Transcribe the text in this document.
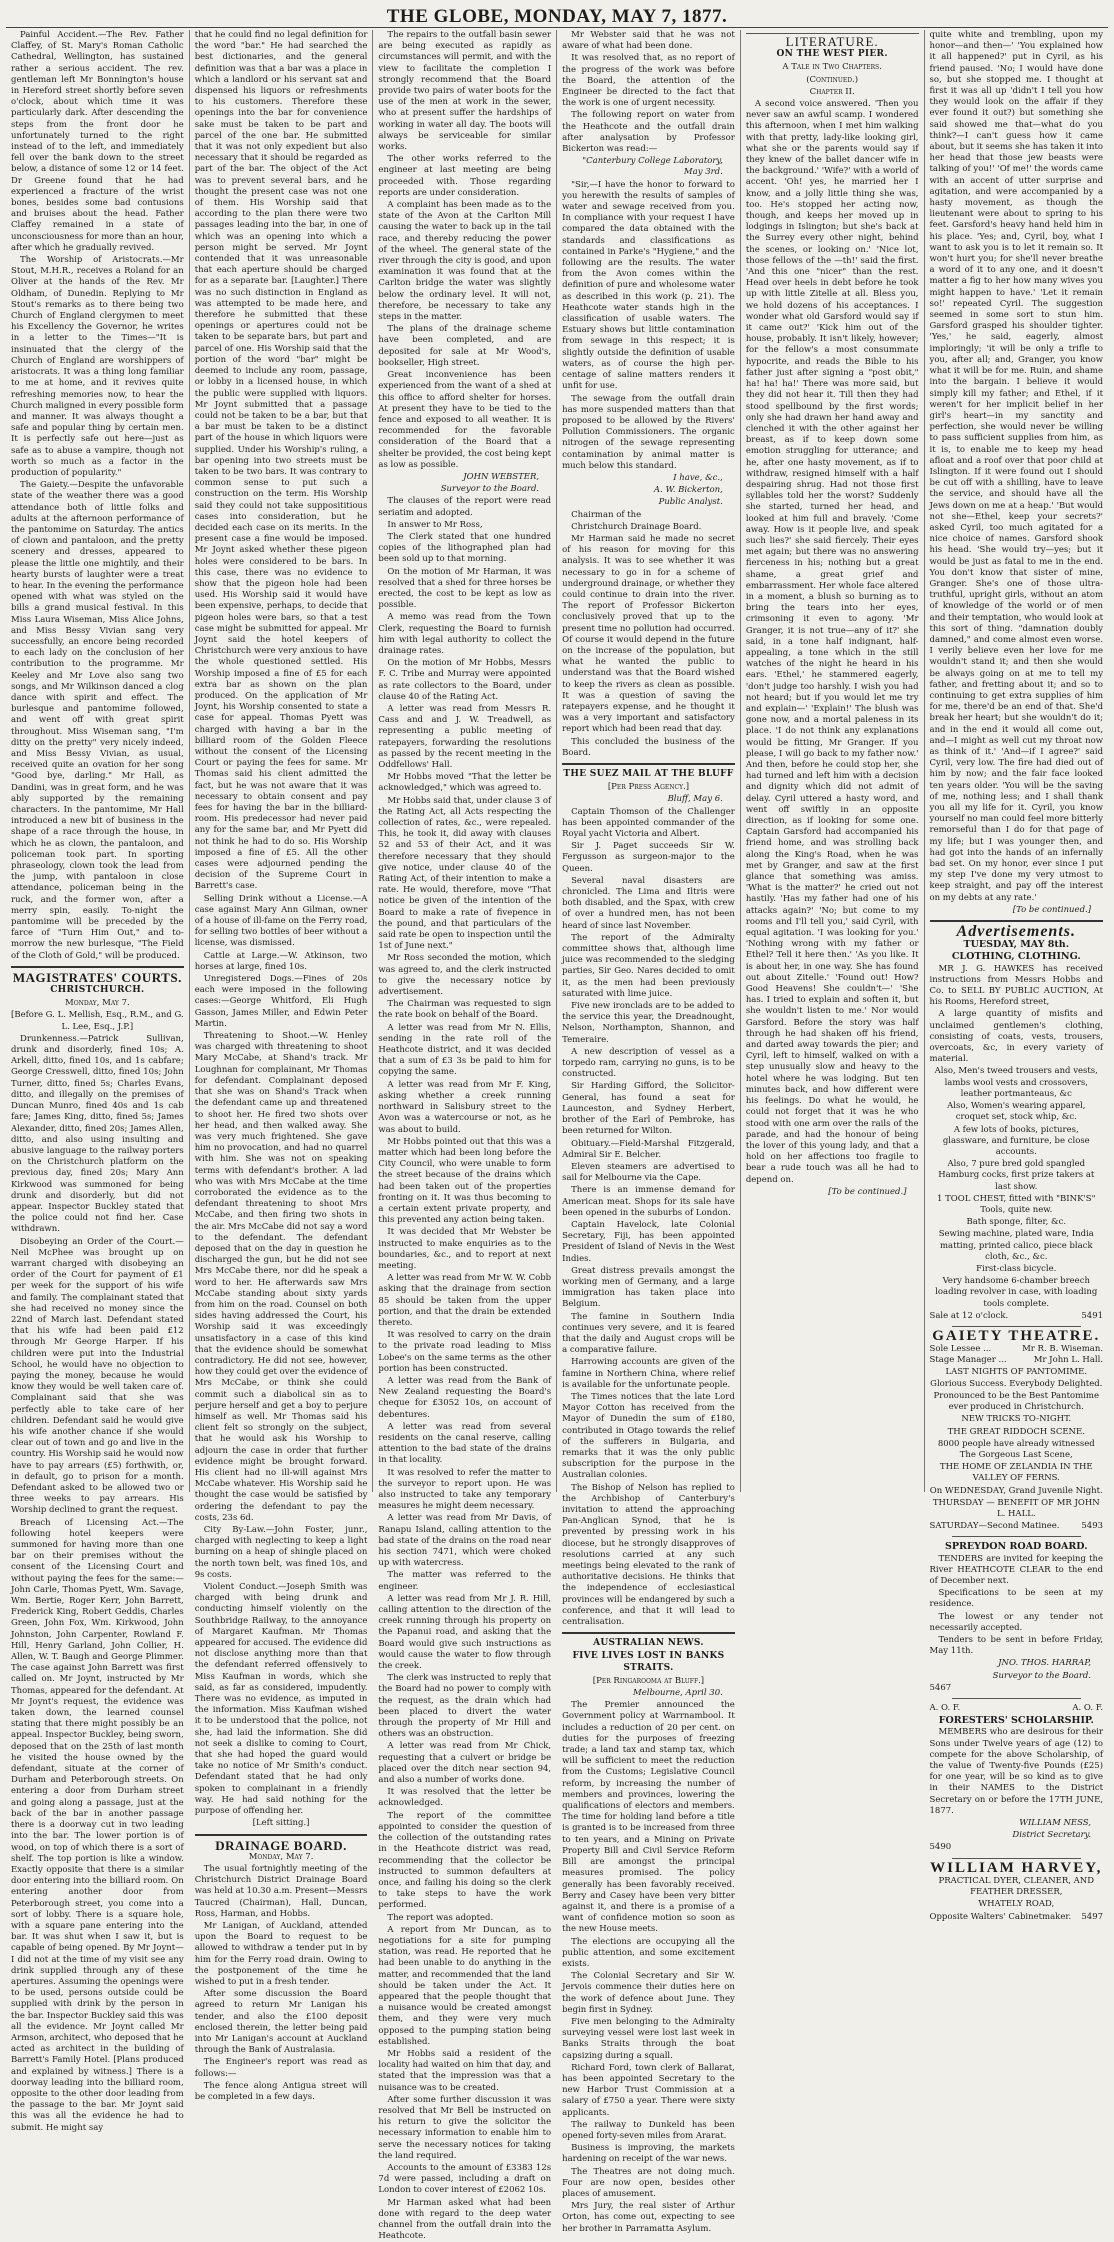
THE GLOBE, MONDAY, MAY 7, 1877.

Painful Accident.—The Rev. Father Claffey, of St. Mary's Roman Catholic Cathedral, Wellington, has sustained rather a serious accident. The rev. gentleman left Mr Bonnington's house in Hereford street shortly before seven o'clock, about which time it was particularly dark. After descending the steps from the front door he unfortunately turned to the right instead of to the left, and immediately fell over the bank down to the street below, a distance of some 12 or 14 feet. Dr Greene found that he had experienced a fracture of the wrist bones, besides some bad contusions and bruises about the head. Father Claffey remained in a state of unconsciousness for more than an hour, after which he gradually revived.

The Worship of Aristocrats.—Mr Stout, M.H.R., receives a Roland for an Oliver at the hands of the Rev. Mr Oldham, of Dunedin. Replying to Mr Stout's remarks as to there being two Church of England clergymen to meet his Excellency the Governor, he writes in a letter to the Times—"It is insinuated that the clergy of the Church of England are worshippers of aristocrats. It was a thing long familiar to me at home, and it revives quite refreshing memories now, to hear the Church maligned in every possible form and manner. It was always thought a safe and popular thing by certain men. It is perfectly safe out here—just as safe as to abuse a vampire, though not worth so much as a factor in the production of popularity."

The Gaiety.—Despite the unfavorable state of the weather there was a good attendance both of little folks and adults at the afternoon performance of the pantomime on Saturday. The antics of clown and pantaloon, and the pretty scenery and dresses, appeared to please the little one mightily, and their hearty bursts of laughter were a treat to hear. In the evening the performance opened with what was styled on the bills a grand musical festival. In this Miss Laura Wiseman, Miss Alice Johns, and Miss Bessy Vivian sang very successfully, an encore being recorded to each lady on the conclusion of her contribution to the programme. Mr Keeley and Mr Love also sang two songs, and Mr Wilkinson danced a clog dance with spirit and effect. The burlesque and pantomime followed, and went off with great spirit throughout. Miss Wiseman sang, "I'm ditty on the pretty" very nicely indeed, and Miss Bessy Vivian, as usual, received quite an ovation for her song "Good bye, darling." Mr Hall, as Dandini, was in great form, and he was ably supported by the remaining characters. In the pantomime, Mr Hall introduced a new bit of business in the shape of a race through the house, in which he as clown, the pantaloon, and policeman took part. In sporting phraseology, clown took the lead from the jump, with pantaloon in close attendance, policeman being in the ruck, and the former won, after a merry spin, easily. To-night the pantomime will be preceded by the farce of "Turn Him Out," and to-morrow the new burlesque, "The Field of the Cloth of Gold," will be produced.

MAGISTRATES' COURTS.
CHRISTCHURCH.
Monday, May 7.

[Before G. L. Mellish, Esq., R.M., and G. L. Lee, Esq., J.P.]

Drunkenness.—Patrick Sullivan, drunk and disorderly, fined 10s; A. Arkell, ditto, fined 10s, and 1s cabfare; George Cresswell, ditto, fined 10s; John Turner, ditto, fined 5s; Charles Evans, ditto, and illegally on the premises of Duncan Munro, fined 40s and 1s cab fare; James King, ditto, fined 5s; James Alexander, ditto, fined 20s; James Allen, ditto, and also using insulting and abusive language to the railway porters on the Christchurch platform on the previous day, fined 20s; Mary Ann Kirkwood was summoned for being drunk and disorderly, but did not appear. Inspector Buckley stated that the police could not find her. Case withdrawn.

Disobeying an Order of the Court.—Neil McPhee was brought up on warrant charged with disobeying an order of the Court for payment of £1 per week for the support of his wife and family. The complainant stated that she had received no money since the 22nd of March last. Defendant stated that his wife had been paid £12 through Mr George Harper. If his children were put into the Industrial School, he would have no objection to paying the money, because he would know they would be well taken care of. Complainant said that she was perfectly able to take care of her children. Defendant said he would give his wife another chance if she would clear out of town and go and live in the country. His Worship said he would now have to pay arrears (£5) forthwith, or, in default, go to prison for a month. Defendant asked to be allowed two or three weeks to pay arrears. His Worship declined to grant the request.

Breach of Licensing Act.—The following hotel keepers were summoned for having more than one bar on their premises without the consent of the Licensing Court and without paying the fees for the same:—John Carle, Thomas Pyett, Wm. Savage, Wm. Bertie, Roger Kerr, John Barrett, Frederick King, Robert Geddis, Charles Green, John Fox, Wm. Kirkwood, John Johnston, John Carpenter, Rowland F. Hill, Henry Garland, John Collier, H. Allen, W. T. Baugh and George Plimmer. The case against John Barrett was first called on. Mr Joynt, instructed by Mr Thomas, appeared for the defendant. At Mr Joynt's request, the evidence was taken down, the learned counsel stating that there might possibly be an appeal. Inspector Buckley, being sworn, deposed that on the 25th of last month he visited the house owned by the defendant, situate at the corner of Durham and Peterborough streets. On entering a door from Durham street and going along a passage, just at the back of the bar in another passage there is a doorway cut in two leading into the bar. The lower portion is of wood, on top of which there is a sort of shelf. The top portion is like a window. Exactly opposite that there is a similar door entering into the billiard room. On entering another door from Peterborough street, you come into a sort of lobby. There is a square hole, with a square pane entering into the bar. It was shut when I saw it, but is capable of being opened. By Mr Joynt—I did not at the time of my visit see any drink supplied through any of these apertures. Assuming the openings were to be used, persons outside could be supplied with drink by the person in the bar. Inspector Buckley said this was all the evidence. Mr Joynt called Mr Armson, architect, who deposed that he acted as architect in the building of Barrett's Family Hotel. [Plans produced and explained by witness.] There is a doorway leading into the billiard room, opposite to the other door leading from the passage to the bar. Mr Joynt said this was all the evidence he had to submit. He might say

that he could find no legal definition for the word "bar." He had searched the best dictionaries, and the general definition was that a bar was a place in which a landlord or his servant sat and dispensed his liquors or refreshments to his customers. Therefore these openings into the bar for convenience sake must be taken to be part and parcel of the one bar. He submitted that it was not only expedient but also necessary that it should be regarded as part of the bar. The object of the Act was to prevent several bars, and he thought the present case was not one of them. His Worship said that according to the plan there were two passages leading into the bar, in one of which was an opening into which a person might be served. Mr Joynt contended that it was unreasonable that each aperture should be charged for as a separate bar. [Laughter.] There was no such distinction in England as was attempted to be made here, and therefore he submitted that these openings or apertures could not be taken to be separate bars, but part and parcel of one. His Worship said that the portion of the word "bar" might be deemed to include any room, passage, or lobby in a licensed house, in which the public were supplied with liquors. Mr Joynt submitted that a passage could not be taken to be a bar, but that a bar must be taken to be a distinct part of the house in which liquors were supplied. Under his Worship's ruling, a bar opening into two streets must be taken to be two bars. It was contrary to common sense to put such a construction on the term. His Worship said they could not take supposititious cases into consideration, but he decided each case on its merits. In the present case a fine would be imposed. Mr Joynt asked whether these pigeon holes were considered to be bars. In this case, there was no evidence to show that the pigeon hole had been used. His Worship said it would have been expensive, perhaps, to decide that pigeon holes were bars, so that a test case might be submitted for appeal. Mr Joynt said the hotel keepers of Christchurch were very anxious to have the whole questioned settled. His Worship imposed a fine of £5 for each extra bar as shown on the plan produced. On the application of Mr Joynt, his Worship consented to state a case for appeal. Thomas Pyett was charged with having a bar in the billiard room of the Golden Fleece without the consent of the Licensing Court or paying the fees for same. Mr Thomas said his client admitted the fact, but he was not aware that it was necessary to obtain consent and pay fees for having the bar in the billiard-room. His predecessor had never paid any for the same bar, and Mr Pyett did not think he had to do so. His Worship imposed a fine of £5. All the other cases were adjourned pending the decision of the Supreme Court in Barrett's case.

Selling Drink without a License.—A case against Mary Ann Gilman, owner of a house of ill-fame on the Ferry road, for selling two bottles of beer without a license, was dismissed.

Cattle at Large.—W. Atkinson, two horses at large, fined 10s.

Unregistered Dogs.—Fines of 20s each were imposed in the following cases:—George Whitford, Eli Hugh Gasson, James Miller, and Edwin Peter Martin.

Threatening to Shoot.—W. Henley was charged with threatening to shoot Mary McCabe, at Shand's track. Mr Loughnan for complainant, Mr Thomas for defendant. Complainant deposed that she was on Shand's Track when the defendant came up and threatened to shoot her. He fired two shots over her head, and then walked away. She was very much frightened. She gave him no provocation, and had no quarrel with him. She was not on speaking terms with defendant's brother. A lad who was with Mrs McCabe at the time corroborated the evidence as to the defendant threatening to shoot Mrs McCabe, and then firing two shots in the air. Mrs McCabe did not say a word to the defendant. The defendant deposed that on the day in question he discharged the gun, but he did not see Mrs McCabe there, nor did he speak a word to her. He afterwards saw Mrs McCabe standing about sixty yards from him on the road. Counsel on both sides having addressed the Court, his Worship said it was exceedingly unsatisfactory in a case of this kind that the evidence should be somewhat contradictory. He did not see, however, how they could get over the evidence of Mrs McCabe, or think she could commit such a diabolical sin as to perjure herself and get a boy to perjure himself as well. Mr Thomas said his client felt so strongly on the subject, that he would ask his Worship to adjourn the case in order that further evidence might be brought forward. His client had no ill-will against Mrs McCabe whatever. His Worship said he thought the case would be satisfied by ordering the defendant to pay the costs, 23s 6d.

City By-Law.—John Foster, junr., charged with neglecting to keep a light burning on a heap of shingle placed on the north town belt, was fined 10s, and 9s costs.

Violent Conduct.—Joseph Smith was charged with being drunk and conducting himself violently on the Southbridge Railway, to the annoyance of Margaret Kaufman. Mr Thomas appeared for accused. The evidence did not disclose anything more than that the defendant referred offensively to Miss Kaufman in words, which she said, as far as considered, impudently. There was no evidence, as imputed in the information. Miss Kaufman wished it to be understood that the police, not she, had laid the information. She did not seek a dislike to coming to Court, that she had hoped the guard would take no notice of Mr Smith's conduct. Defendant stated that he had only spoken to complainant in a friendly way. He had said nothing for the purpose of offending her.

[Left sitting.]

DRAINAGE BOARD.
Monday, May 7.

The usual fortnightly meeting of the Christchurch District Drainage Board was held at 10.30 a.m. Present—Messrs Taucred (Chairman), Hall, Duncan, Ross, Harman, and Hobbs.

Mr Lanigan, of Auckland, attended upon the Board to request to be allowed to withdraw a tender put in by him for the Ferry road drain. Owing to the postponement of the time he wished to put in a fresh tender.

After some discussion the Board agreed to return Mr Lanigan his tender, and also the £100 deposit enclosed therein, the letter being paid into Mr Lanigan's account at Auckland through the Bank of Australasia.

The Engineer's report was read as follows:—

The fence along Antigua street will be completed in a few days.

The repairs to the outfall basin sewer are being executed as rapidly as circumstances will permit, and with the view to facilitate the completion I strongly recommend that the Board provide two pairs of water boots for the use of the men at work in the sewer, who at present suffer the hardships of working in water all day. The boots will always be serviceable for similar works.

The other works referred to the engineer at last meeting are being proceeded with. Those regarding reports are under consideration.

A complaint has been made as to the state of the Avon at the Carlton Mill causing the water to back up in the tail race, and thereby reducing the power of the wheel. The general state of the river through the city is good, and upon examination it was found that at the Carlton bridge the water was slightly below the ordinary level. It will not, therefore, be necessary to take any steps in the matter.

The plans of the drainage scheme have been completed, and are deposited for sale at Mr Wood's, bookseller, High street.

Great inconvenience has been experienced from the want of a shed at this office to afford shelter for horses. At present they have to be tied to the fence and exposed to all weather. It is recommended for the favorable consideration of the Board that a shelter be provided, the cost being kept as low as possible.

JOHN WEBSTER,

Surveyor to the Board.

The clauses of the report were read seriatim and adopted.

In answer to Mr Ross,

The Clerk stated that one hundred copies of the lithographed plan had been sold up to that morning.

On the motion of Mr Harman, it was resolved that a shed for three horses be erected, the cost to be kept as low as possible.

A memo was read from the Town Clerk, requesting the Board to furnish him with legal authority to collect the drainage rates.

On the motion of Mr Hobbs, Messrs F. C. Tribe and Murray were appointed as rate collectors to the Board, under clause 40 of the Rating Act.

A letter was read from Messrs R. Cass and and J. W. Treadwell, as representing a public meeting of ratepayers, forwarding the resolutions as passed by the recent meeting in the Oddfellows' Hall.

Mr Hobbs moved "That the letter be acknowledged," which was agreed to.

Mr Hobbs said that, under clause 3 of the Rating Act, all Acts respecting the collection of rates, &c., were repealed. This, he took it, did away with clauses 52 and 53 of their Act, and it was therefore necessary that they should give notice, under clause 40 of the Rating Act, of their intention to make a rate. He would, therefore, move "That notice be given of the intention of the Board to make a rate of fivepence in the pound, and that particulars of the said rate be open to inspection until the 1st of June next."

Mr Ross seconded the motion, which was agreed to, and the clerk instructed to give the necessary notice by advertisement.

The Chairman was requested to sign the rate book on behalf of the Board.

A letter was read from Mr N. Ellis, sending in the rate roll of the Heathcote district, and it was decided that a sum of £3 3s be paid to him for copying the same.

A letter was read from Mr F. King, asking whether a creek running northward in Salisbury street to the Avon was a watercourse or not, as he was about to build.

Mr Hobbs pointed out that this was a matter which had been long before the City Council, who were unable to form the street because of the drains which had been taken out of the properties fronting on it. It was thus becoming to a certain extent private property, and this prevented any action being taken.

It was decided that Mr Webster be instructed to make enquiries as to the boundaries, &c., and to report at next meeting.

A letter was read from Mr W. W. Cobb asking that the drainage from section 85 should be taken from the upper portion, and that the drain be extended thereto.

It was resolved to carry on the drain to the private road leading to Miss Lobee's on the same terms as the other portion has been constructed.

A letter was read from the Bank of New Zealand requesting the Board's cheque for £3052 10s, on account of debentures.

A letter was read from several residents on the canal reserve, calling attention to the bad state of the drains in that locality.

It was resolved to refer the matter to the surveyor to report upon. He was also instructed to take any temporary measures he might deem necessary.

A letter was read from Mr Davis, of Ranapu Island, calling attention to the bad state of the drains on the road near his section 7471, which were choked up with watercress.

The matter was referred to the engineer.

A letter was read from Mr J. R. Hill, calling attention to the direction of the creek running through his property on the Papanui road, and asking that the Board would give such instructions as would cause the water to flow through the creek.

The clerk was instructed to reply that the Board had no power to comply with the request, as the drain which had been placed to divert the water through the property of Mr Hill and others was an obstruction.

A letter was read from Mr Chick, requesting that a culvert or bridge be placed over the ditch near section 94, and also a number of works done.

It was resolved that the letter be acknowledged.

The report of the committee appointed to consider the question of the collection of the outstanding rates in the Heathcote district was read, recommending that the collector be instructed to summon defaulters at once, and failing his doing so the clerk to take steps to have the work performed.

The report was adopted.

A report from Mr Duncan, as to negotiations for a site for pumping station, was read. He reported that he had been unable to do anything in the matter, and recommended that the land should be taken under the Act. It appeared that the people thought that a nuisance would be created amongst them, and they were very much opposed to the pumping station being established.

Mr Hobbs said a resident of the locality had waited on him that day, and stated that the impression was that a nuisance was to be created.

After some further discussion it was resolved that Mr Bell be instructed on his return to give the solicitor the necessary information to enable him to serve the necessary notices for taking the land required.

Accounts to the amount of £3383 12s 7d were passed, including a draft on London to cover interest of £2062 10s.

Mr Harman asked what had been done with regard to the deep water channel from the outfall drain into the Heathcote.

Mr Webster said that he was not aware of what had been done.

It was resolved that, as no report of the progress of the work was before the Board, the attention of the Engineer be directed to the fact that the work is one of urgent necessity.

The following report on water from the Heathcote and the outfall drain after analysation by Professor Bickerton was read:—

"Canterbury College Laboratory, May 3rd.

"Sir,—I have the honor to forward to you herewith the results of samples of water and sewage received from you. In compliance with your request I have compared the data obtained with the standards and classifications as contained in Parke's "Hygiene," and the following are the results. The water from the Avon comes within the definition of pure and wholesome water as described in this work (p. 21). The Heathcote water stands high in the classification of usable waters. The Estuary shows but little contamination from sewage in this respect; it is slightly outside the definition of usable waters, as of course the high per-centage of saline matters renders it unfit for use.

The sewage from the outfall drain has more suspended matters than that proposed to be allowed by the Rivers' Pollution Commissioners. The organic nitrogen of the sewage representing contamination by animal matter is much below this standard.

I have, &c.,

A. W. Bickerton,

Public Analyst.

Chairman of the

Christchurch Drainage Board.

Mr Harman said he made no secret of his reason for moving for this analysis. It was to see whether it was necessary to go in for a scheme of underground drainage, or whether they could continue to drain into the river. The report of Professor Bickerton conclusively proved that up to the present time no pollution had occurred. Of course it would depend in the future on the increase of the population, but what he wanted the public to understand was that the Board wished to keep the rivers as clean as possible. It was a question of saving the ratepayers expense, and he thought it was a very important and satisfactory report which had been read that day.

This concluded the business of the Board.

THE SUEZ MAIL AT THE BLUFF
[Per Press Agency.]

Bluff, May 6.

Captain Thomson of the Challenger has been appointed commander of the Royal yacht Victoria and Albert.

Sir J. Paget succeeds Sir W. Fergusson as surgeon-major to the Queen.

Several naval disasters are chronicled. The Lima and Iltris were both disabled, and the Spax, with crew of over a hundred men, has not been heard of since last November.

The report of the Admiralty committee shows that, although lime juice was recommended to the sledging parties, Sir Geo. Nares decided to omit it, as the men had been previously saturated with lime juice.

Five new ironclads are to be added to the service this year, the Dreadnought, Nelson, Northampton, Shannon, and Temeraire.

A new description of vessel as a torpedo ram, carrying no guns, is to be constructed.

Sir Harding Gifford, the Solicitor-General, has found a seat for Launceston, and Sydney Herbert, brother of the Earl of Pembroke, has been returned for Wilton.

Obituary.—Field-Marshal Fitzgerald, Admiral Sir E. Belcher.

Eleven steamers are advertised to sail for Melbourne via the Cape.

There is an immense demand for American meat. Shops for its sale have been opened in the suburbs of London.

Captain Havelock, late Colonial Secretary, Fiji, has been appointed President of Island of Nevis in the West Indies.

Great distress prevails amongst the working men of Germany, and a large immigration has taken place into Belgium.

The famine in Southern India continues very severe, and it is feared that the daily and August crops will be a comparative failure.

Harrowing accounts are given of the famine in Northern China, where relief is available for the unfortunate people.

The Times notices that the late Lord Mayor Cotton has received from the Mayor of Dunedin the sum of £180, contributed in Otago towards the relief of the sufferers in Bulgaria, and remarks that it was the only public subscription for the purpose in the Australian colonies.

The Bishop of Nelson has replied to the Archbishop of Canterbury's invitation to attend the approaching Pan-Anglican Synod, that he is prevented by pressing work in his diocese, but he strongly disapproves of resolutions carried at any such meetings being elevated to the rank of authoritative decisions. He thinks that the independence of ecclesiastical provinces will be endangered by such a conference, and that it will lead to centralisation.

AUSTRALIAN NEWS.
FIVE LIVES LOST IN BANKS STRAITS.
[Per Ringarooma at Bluff.]

Melbourne, April 30.

The Premier announced the Government policy at Warrnambool. It includes a reduction of 20 per cent. on duties for the purposes of freezing trade; a land tax and stamp tax, which will be sufficient to meet the reduction from the Customs; Legislative Council reform, by increasing the number of members and provinces, lowering the qualifications of electors and members. The time for holding land before a title is granted is to be increased from three to ten years, and a Mining on Private Property Bill and Civil Service Reform Bill are amongst the principal measures promised. The policy generally has been favorably received. Berry and Casey have been very bitter against it, and there is a promise of a want of confidence motion so soon as the new House meets.

The elections are occupying all the public attention, and some excitement exists.

The Colonial Secretary and Sir W. Jervois commence their duties here on the work of defence about June. They begin first in Sydney.

Five men belonging to the Admiralty surveying vessel were lost last week in Banks Straits through the boat capsizing during a squall.

Richard Ford, town clerk of Ballarat, has been appointed Secretary to the new Harbor Trust Commission at a salary of £750 a year. There were sixty applicants.

The railway to Dunkeld has been opened forty-seven miles from Ararat.

Business is improving, the markets hardening on receipt of the war news.

The Theatres are not doing much. Four are now open, besides other places of amusement.

Mrs Jury, the real sister of Arthur Orton, has come out, expecting to see her brother in Parramatta Asylum.

LITERATURE.
ON THE WEST PIER.
A Tale in Two Chapters.
(Continued.)
Chapter II.

A second voice answered. 'Then you never saw an awful scamp. I wondered this afternoon, when I met him walking with that pretty, lady-like looking girl, what she or the parents would say if they knew of the ballet dancer wife in the background.' 'Wife?' with a world of accent. 'Oh! yes, he married her I know, and a jolly little thing she was, too. He's stopped her acting now, though, and keeps her moved up in lodgings in Islington; but she's back at the Surrey every other night, behind the scenes, or looking on.' 'Nice lot, those fellows of the —th!' said the first. 'And this one "nicer" than the rest. Head over heels in debt before he took up with little Zitelle at all. Bless you, we hold dozens of his acceptances. I wonder what old Garsford would say if it came out?' 'Kick him out of the house, probably. It isn't likely, however; for the fellow's a most consummate hypocrite, and reads the Bible to his father just after signing a "post obit," ha! ha! ha!' There was more said, but they did not hear it. Till then they had stood spellbound by the first words; only she had drawn her hand away and clenched it with the other against her breast, as if to keep down some emotion struggling for utterance; and he, after one hasty movement, as if to withdraw, resigned himself with a half despairing shrug. Had not those first syllables told her the worst? Suddenly she started, turned her head, and looked at him full and bravely. 'Come away. How is it people live, and speak such lies?' she said fiercely. Their eyes met again; but there was no answering fierceness in his; nothing but a great shame, a great grief and embarrassment. Her whole face altered in a moment, a blush so burning as to bring the tears into her eyes, crimsoning it even to agony. 'Mr Granger, it is not true—any of it?' she said, in a tone half indignant, half-appealing, a tone which in the still watches of the night he heard in his ears. 'Ethel,' he stammered eagerly, 'don't judge too harshly. I wish you had not heard; but if you would let me try and explain—' 'Explain!' The blush was gone now, and a mortal paleness in its place. 'I do not think any explanations would be fitting, Mr Granger. If you please, I will go back to my father now.' And then, before he could stop her, she had turned and left him with a decision and dignity which did not admit of delay. Cyril uttered a hasty word, and went off swiftly in an opposite direction, as if looking for some one. Captain Garsford had accompanied his friend home, and was strolling back along the King's Road, when he was met by Granger, and saw at the first glance that something was amiss. 'What is the matter?' he cried out not hastily. 'Has my father had one of his attacks again?' 'No; but come to my rooms and I'll tell you,' said Cyril, with equal agitation. 'I was looking for you.' 'Nothing wrong with my father or Ethel? Tell it here then.' 'As you like. It is about her, in one way. She has found out about Zitelle.' 'Found out! How? Good Heavens! She couldn't—' 'She has. I tried to explain and soften it, but she wouldn't listen to me.' Nor would Garsford. Before the story was half through he had shaken off his friend, and darted away towards the pier; and Cyril, left to himself, walked on with a step unusually slow and heavy to the hotel where he was lodging. But ten minutes back, and how different were his feelings. Do what he would, he could not forget that it was he who stood with one arm over the rails of the parade, and had the honour of being the lover of this young lady, and that a hold on her affections too fragile to bear a rude touch was all he had to depend on.

[To be continued.]

quite white and trembling, upon my honor—and then—' 'You explained how it all happened?' put in Cyril, as his friend paused. 'No; I would have done so, but she stopped me. I thought at first it was all up 'didn't I tell you how they would look on the affair if they ever found it out?) but something she said showed me that—what do you think?—I can't guess how it came about, but it seems she has taken it into her head that those jew beasts were talking of you!' 'Of me!' the words came with an accent of utter surprise and agitation, and were accompanied by a hasty movement, as though the lieutenant were about to spring to his feet. Garsford's heavy hand held him in his place. 'Yes; and, Cyril, boy, what I want to ask you is to let it remain so. It won't hurt you; for she'll never breathe a word of it to any one, and it doesn't matter a fig to her how many wives you might happen to have.' 'Let it remain so!' repeated Cyril. The suggestion seemed in some sort to stun him. Garsford grasped his shoulder tighter. 'Yes,' he said, eagerly, almost imploringly; 'it will be only a trifle to you, after all; and, Granger, you know what it will be for me. Ruin, and shame into the bargain. I believe it would simply kill my father; and Ethel, if it weren't for her implicit belief in her girl's heart—in my sanctity and perfection, she would never be willing to pass sufficient supplies from him, as it is, to enable me to keep my head afloat and a roof over that poor child at Islington. If it were found out I should be cut off with a shilling, have to leave the service, and should have all the Jews down on me at a heap.' 'But would not she—Ethel, keep your secrets?' asked Cyril, too much agitated for a nice choice of names. Garsford shook his head. 'She would try—yes; but it would be just as fatal to me in the end. You don't know that sister of mine, Granger. She's one of those ultra-truthful, upright girls, without an atom of knowledge of the world or of men and their temptation, who would look at this sort of thing. "damnation doubly damned," and come almost even worse. I verily believe even her love for me wouldn't stand it; and then she would be always going on at me to tell my father, and fretting about it; and so to continuing to get extra supplies of him for me, there'd be an end of that. She'd break her heart; but she wouldn't do it; and in the end it would all come out, and—I might as well cut my throat now as think of it.' 'And—if I agree?' said Cyril, very low. The fire had died out of him by now; and the fair face looked ten years older. 'You will be the saving of me, nothing less; and I shall thank you all my life for it. Cyril, you know yourself no man could feel more bitterly remorseful than I do for that page of my life; but I was younger then, and had got into the hands of an infernally bad set. On my honor, ever since I put my step I've done my very utmost to keep straight, and pay off the interest on my debts at any rate.'

[To be continued.]

Advertisements.
TUESDAY, MAY 8th.
CLOTHING, CLOTHING.

MR J. G. HAWKES has received instructions from Messrs Hobbs and Co. to SELL BY PUBLIC AUCTION, At his Rooms, Hereford street,

A large quantity of misfits and unclaimed gentlemen's clothing, consisting of coats, vests, trousers, overcoats, &c, in every variety of material.

Also, Men's tweed trousers and vests, lambs wool vests and crossovers, leather portmanteaus, &c

Also, Women's wearing apparel, croquet set, stock whip, &c.

A few lots of books, pictures, glassware, and furniture, be close accounts.

Also, 7 pure bred gold spangled Hamburg cocks, first prize takers at last show.

1 TOOL CHEST, fitted with "BINK'S" Tools, quite new.

Bath sponge, filter, &c.

Sewing machine, plated ware, India matting, printed calico, piece black cloth, &c., &c.

First-class bicycle.

Very handsome 6-chamber breech loading revolver in case, with loading tools complete.

Sale at 12 o'clock.	5491
GAIETY THEATRE.
Sole Lessee ...	Mr R. B. Wiseman.
Stage Manager ...	Mr John L. Hall.

LAST NIGHTS OF PANTOMIME.

Glorious Success. Everybody Delighted.

Pronounced to be the Best Pantomime ever produced in Christchurch.

NEW TRICKS TO-NIGHT.

THE GREAT RIDDOCH SCENE.

8000 people have already witnessed The Gorgeous Last Scene,

THE HOME OF ZELANDIA IN THE VALLEY OF FERNS.

On WEDNESDAY, Grand Juvenile Night.

THURSDAY — BENEFIT OF MR JOHN L. HALL.

SATURDAY—Second Matinee.	5493
SPREYDON ROAD BOARD.

TENDERS are invited for keeping the River HEATHCOTE CLEAR to the end of December next.

Specifications to be seen at my residence.

The lowest or any tender not necessarily accepted.

Tenders to be sent in before Friday, May 11th.

JNO. THOS. HARRAP,

Surveyor to the Board.

5467

A. O. F.	A. O. F.
FORESTERS' SCHOLARSHIP.

MEMBERS who are desirous for their Sons under Twelve years of age (12) to compete for the above Scholarship, of the value of Twenty-five Pounds (£25) for one year, will be so kind as to give in their NAMES to the District Secretary on or before the 17TH JUNE, 1877.

WILLIAM NESS,

District Secretary.

5490

WILLIAM HARVEY,

PRACTICAL DYER, CLEANER, AND FEATHER DRESSER,

WHATELY ROAD,

Opposite Walters' Cabinetmaker. 5497
